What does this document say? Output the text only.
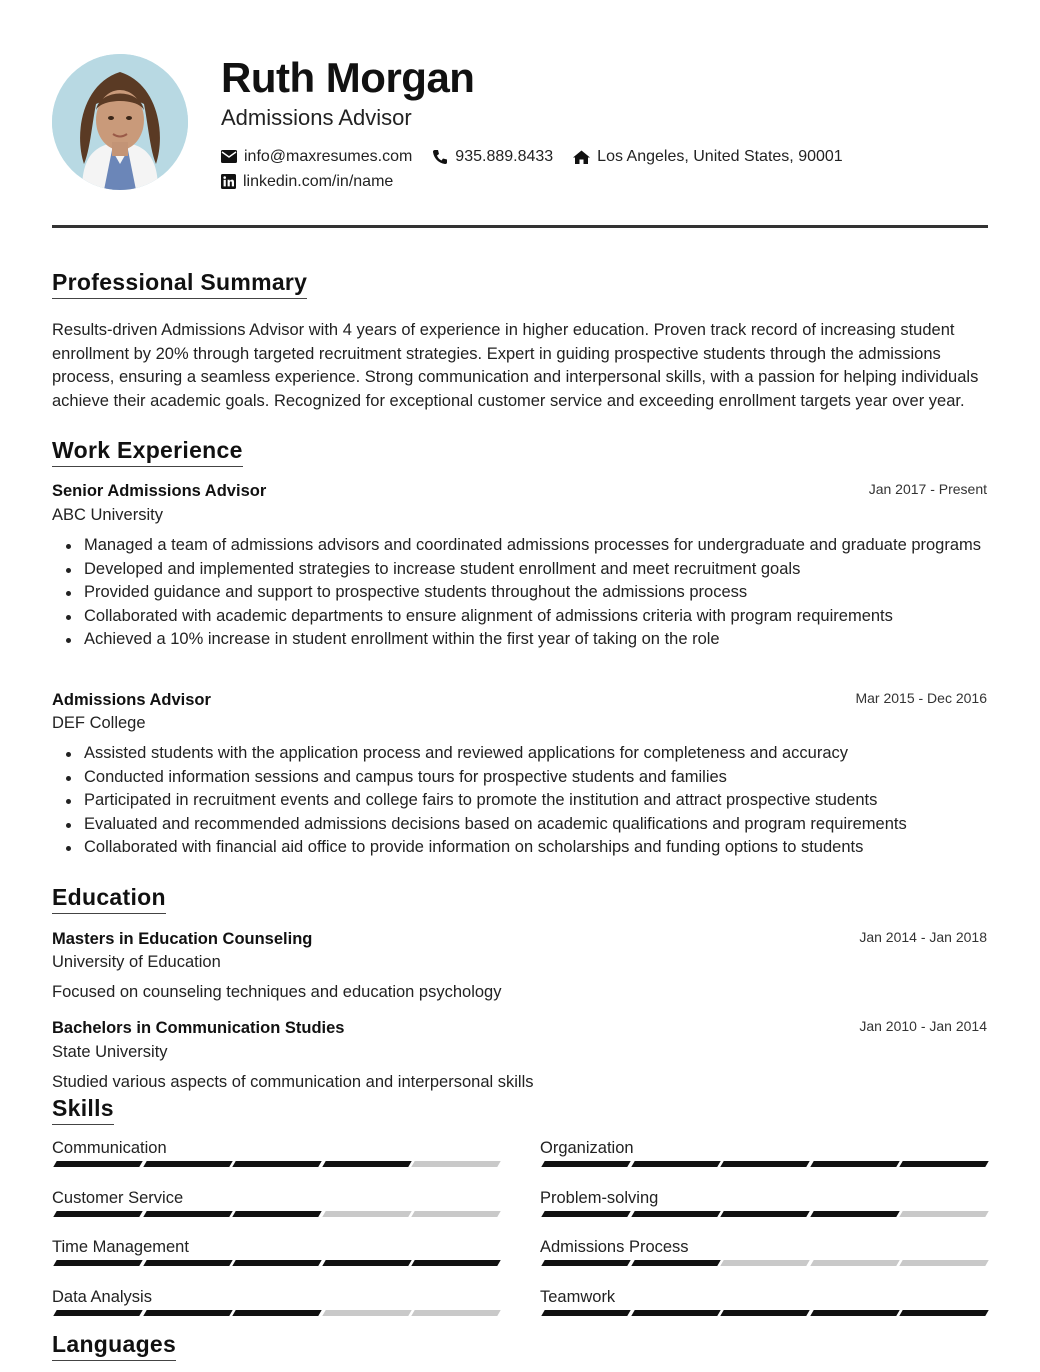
Ruth Morgan
Admissions Advisor
info@maxresumes.com	935.889.8433	Los Angeles, United States, 90001
linkedin.com/in/name
Professional Summary
Results-driven Admissions Advisor with 4 years of experience in higher education. Proven track record of increasing student enrollment by 20% through targeted recruitment strategies. Expert in guiding prospective students through the admissions process, ensuring a seamless experience. Strong communication and interpersonal skills, with a passion for helping individuals achieve their academic goals. Recognized for exceptional customer service and exceeding enrollment targets year over year.
Work Experience
Senior Admissions Advisor	Jan 2017 - Present
ABC University
Managed a team of admissions advisors and coordinated admissions processes for undergraduate and graduate programs
Developed and implemented strategies to increase student enrollment and meet recruitment goals
Provided guidance and support to prospective students throughout the admissions process
Collaborated with academic departments to ensure alignment of admissions criteria with program requirements
Achieved a 10% increase in student enrollment within the first year of taking on the role
Admissions Advisor	Mar 2015 - Dec 2016
DEF College
Assisted students with the application process and reviewed applications for completeness and accuracy
Conducted information sessions and campus tours for prospective students and families
Participated in recruitment events and college fairs to promote the institution and attract prospective students
Evaluated and recommended admissions decisions based on academic qualifications and program requirements
Collaborated with financial aid office to provide information on scholarships and funding options to students
Education
Masters in Education Counseling	Jan 2014 - Jan 2018
University of Education
Focused on counseling techniques and education psychology
Bachelors in Communication Studies	Jan 2010 - Jan 2014
State University
Studied various aspects of communication and interpersonal skills
Skills
Communication	Organization
Customer Service	Problem-solving
Time Management	Admissions Process
Data Analysis	Teamwork
Languages
